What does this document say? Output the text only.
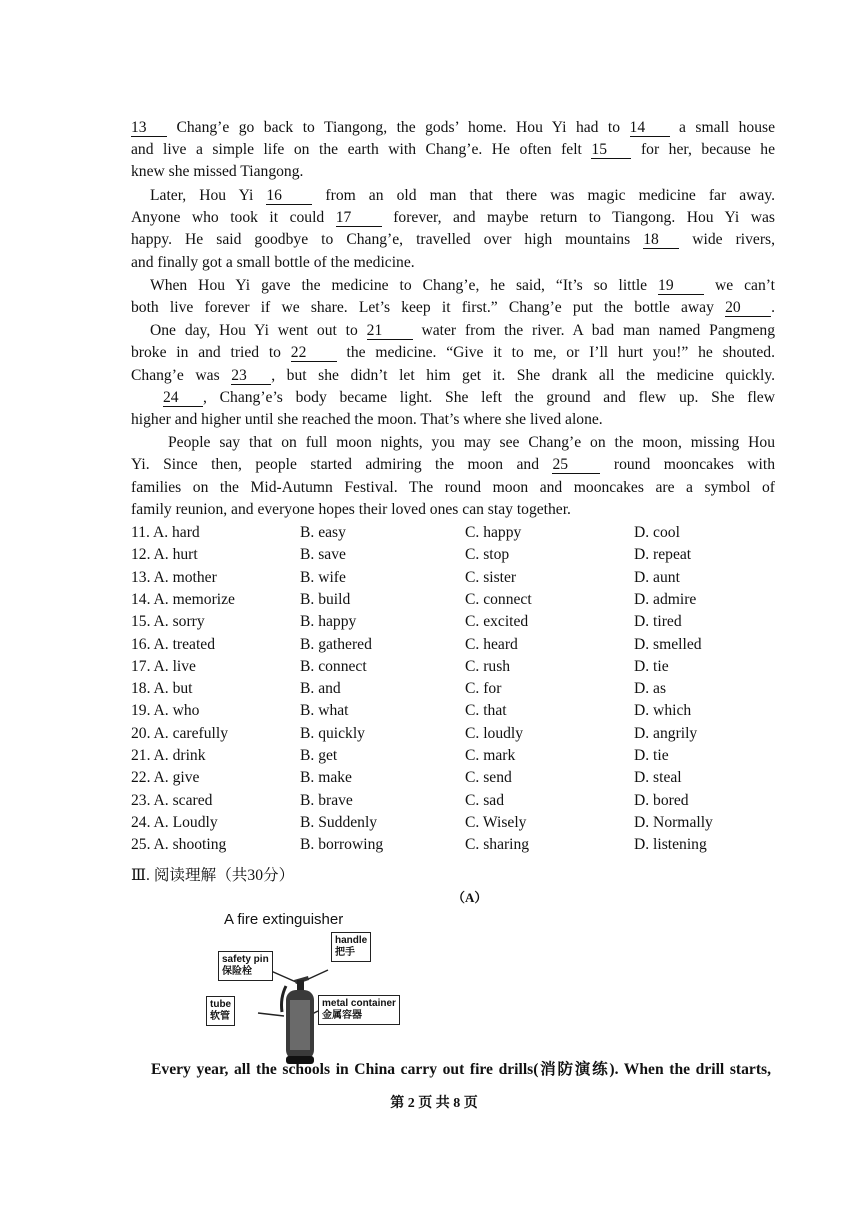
13 Chang’e go back to Tiangong, the gods’ home. Hou Yi had to 14 a small house
and live a simple life on the earth with Chang’e. He often felt 15 for her, because he
knew she missed Tiangong.
Later, Hou Yi 16 from an old man that there was magic medicine far away.
Anyone who took it could 17 forever, and maybe return to Tiangong. Hou Yi was
happy. He said goodbye to Chang’e, travelled over high mountains 18 wide rivers,
and finally got a small bottle of the medicine.
When Hou Yi gave the medicine to Chang’e, he said, “It’s so little 19 we can’t
both live forever if we share. Let’s keep it first.” Chang’e put the bottle away 20 .
One day, Hou Yi went out to 21 water from the river. A bad man named Pangmeng
broke in and tried to 22 the medicine. “Give it to me, or I’ll hurt you!” he shouted.
Chang’e was 23 , but she didn’t let him get it. She drank all the medicine quickly.
24 , Chang’e’s body became light. She left the ground and flew up. She flew
higher and higher until she reached the moon. That’s where she lived alone.
People say that on full moon nights, you may see Chang’e on the moon, missing Hou
Yi. Since then, people started admiring the moon and 25 round mooncakes with
families on the Mid-Autumn Festival. The round moon and mooncakes are a symbol of
family reunion, and everyone hopes their loved ones can stay together.
11. A. hard	B. easy	C. happy	D. cool
12. A. hurt	B. save	C. stop	D. repeat
13. A. mother	B. wife	C. sister	D. aunt
14. A. memorize	B. build	C. connect	D. admire
15. A. sorry	B. happy	C. excited	D. tired
16. A. treated	B. gathered	C. heard	D. smelled
17. A. live	B. connect	C. rush	D. tie
18. A. but	B. and	C. for	D. as
19. A. who	B. what	C. that	D. which
20. A. carefully	B. quickly	C. loudly	D. angrily
21. A. drink	B. get	C. mark	D. tie
22. A. give	B. make	C. send	D. steal
23. A. scared	B. brave	C. sad	D. bored
24. A. Loudly	B. Suddenly	C. Wisely	D. Normally
25. A. shooting	B. borrowing	C. sharing	D. listening
Ⅲ. 阅读理解（共30分）
（A）
A fire extinguisher
safety pin
保险栓
handle
把手
tube
软管
metal container
金属容器
Every year, all the schools in China carry out fire drills(消防演练). When the drill starts,
第 2 页 共 8 页
